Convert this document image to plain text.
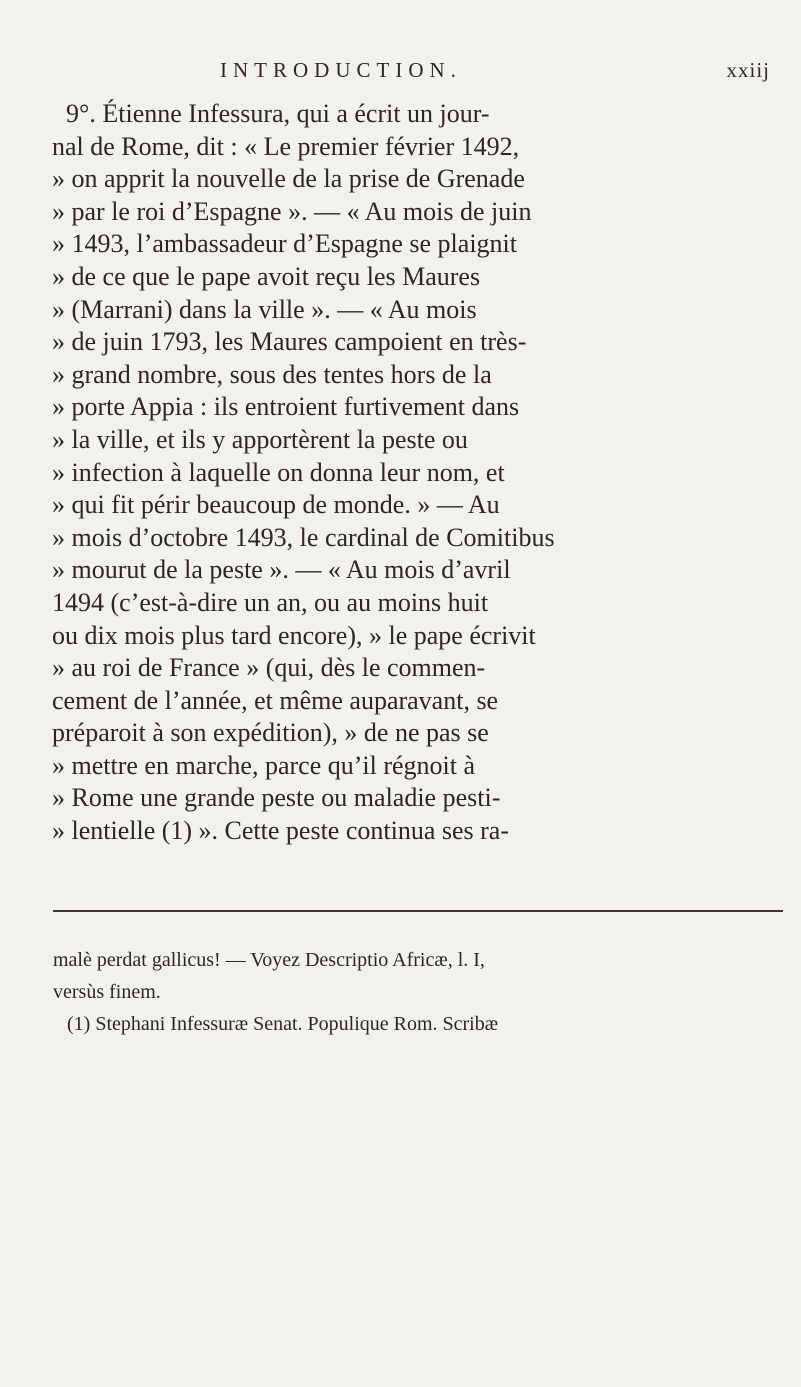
INTRODUCTION.	xxiij
9°. Étienne Infessura, qui a écrit un jour-
nal de Rome, dit : « Le premier février 1492,
» on apprit la nouvelle de la prise de Grenade
» par le roi d’Espagne ». — « Au mois de juin
» 1493, l’ambassadeur d’Espagne se plaignit
» de ce que le pape avoit reçu les Maures
» (Marrani) dans la ville ». — « Au mois
» de juin 1793, les Maures campoient en très-
» grand nombre, sous des tentes hors de la
» porte Appia : ils entroient furtivement dans
» la ville, et ils y apportèrent la peste ou
» infection à laquelle on donna leur nom, et
» qui fit périr beaucoup de monde. » — Au
» mois d’octobre 1493, le cardinal de Comitibus
» mourut de la peste ». — « Au mois d’avril
1494 (c’est-à-dire un an, ou au moins huit
ou dix mois plus tard encore), » le pape écrivit
» au roi de France » (qui, dès le commen-
cement de l’année, et même auparavant, se
préparoit à son expédition), » de ne pas se
» mettre en marche, parce qu’il régnoit à
» Rome une grande peste ou maladie pesti-
» lentielle (1) ». Cette peste continua ses ra-
malè perdat gallicus! — Voyez Descriptio Africæ, l. I,
versùs finem.
(1) Stephani Infessuræ Senat. Populique Rom. Scribæ
